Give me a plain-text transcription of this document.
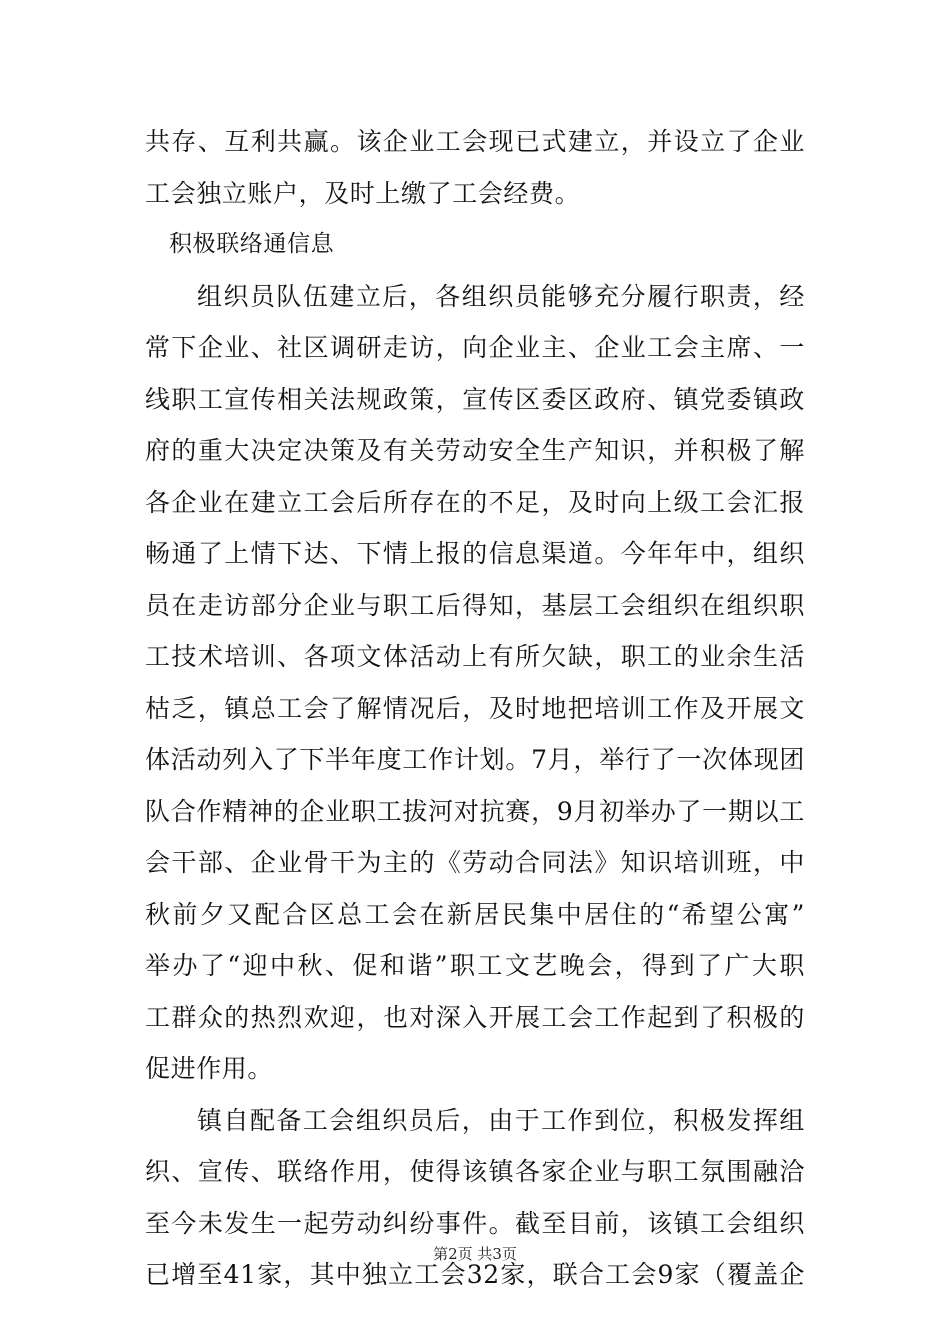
共存、互利共赢。该企业工会现已式建立，并设立了企业
工会独立账户，及时上缴了工会经费。
积极联络通信息
组织员队伍建立后，各组织员能够充分履行职责，经
常下企业、社区调研走访，向企业主、企业工会主席、一
线职工宣传相关法规政策，宣传区委区政府、镇党委镇政
府的重大决定决策及有关劳动安全生产知识，并积极了解
各企业在建立工会后所存在的不足，及时向上级工会汇报
畅通了上情下达、下情上报的信息渠道。今年年中，组织
员在走访部分企业与职工后得知，基层工会组织在组织职
工技术培训、各项文体活动上有所欠缺，职工的业余生活
枯乏，镇总工会了解情况后，及时地把培训工作及开展文
体活动列入了下半年度工作计划。7月，举行了一次体现团
队合作精神的企业职工拔河对抗赛，9月初举办了一期以工
会干部、企业骨干为主的《劳动合同法》知识培训班，中
秋前夕又配合区总工会在新居民集中居住的“希望公寓”
举办了“迎中秋、促和谐”职工文艺晚会，得到了广大职
工群众的热烈欢迎，也对深入开展工会工作起到了积极的
促进作用。
镇自配备工会组织员后，由于工作到位，积极发挥组
织、宣传、联络作用，使得该镇各家企业与职工氛围融洽
至今未发生一起劳动纠纷事件。截至目前，该镇工会组织
已增至41家，其中独立工会32家，联合工会9家（覆盖企
第2页 共3页
